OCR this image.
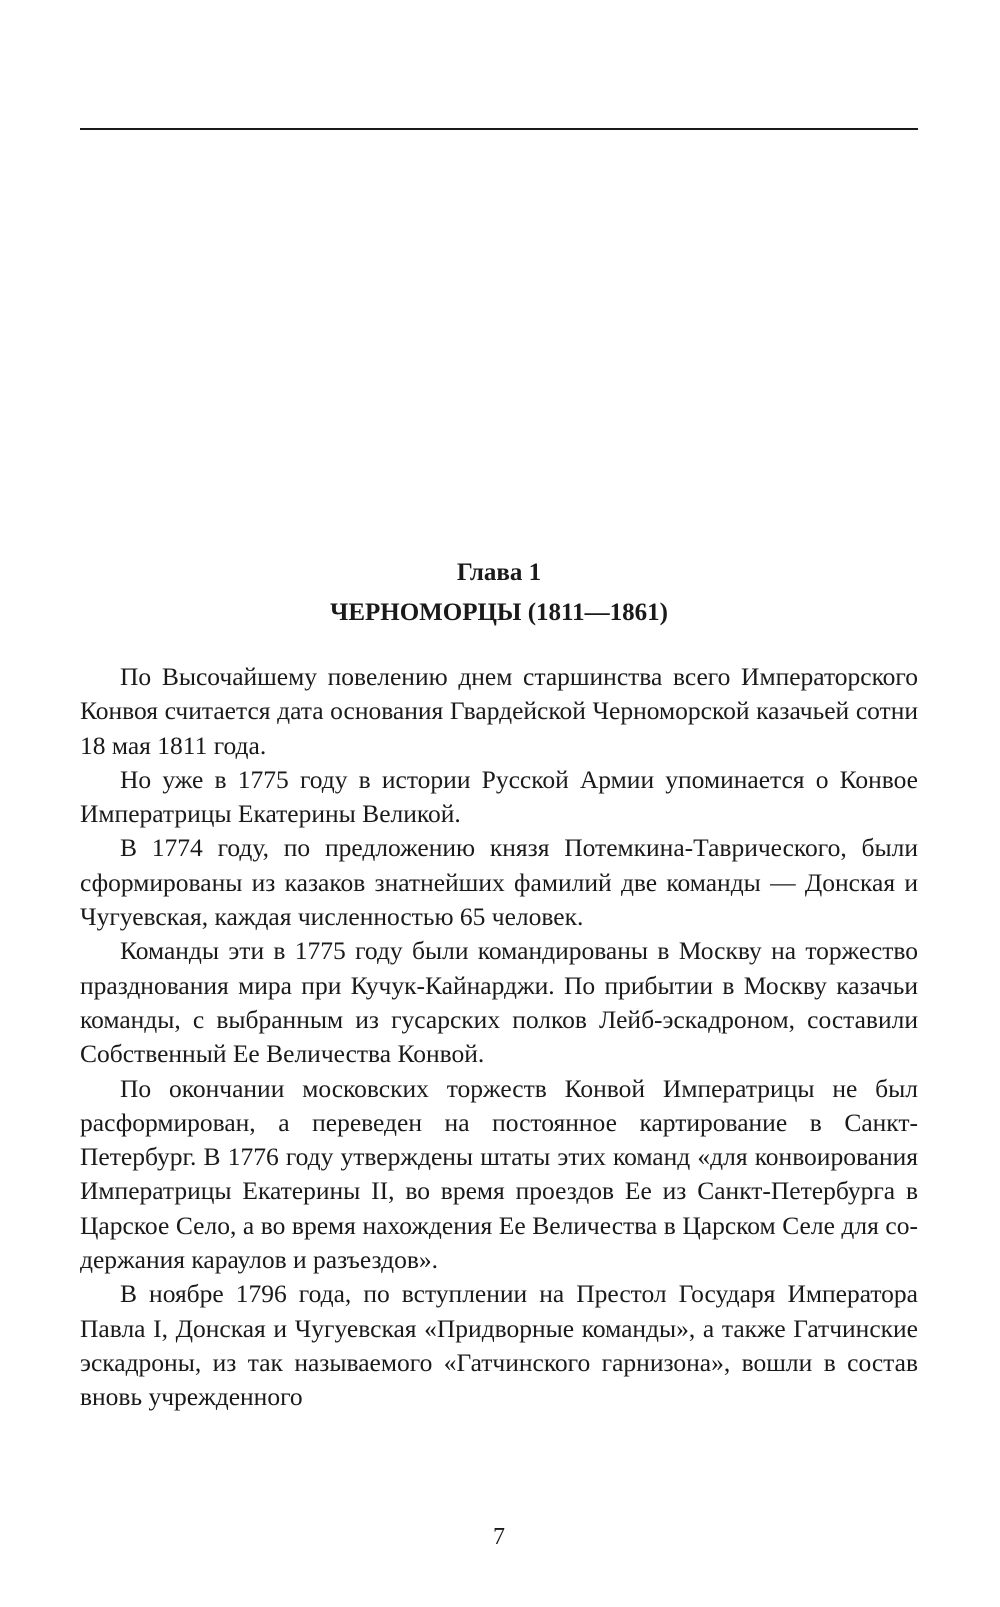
Глава 1
ЧЕРНОМОРЦЫ (1811—1861)

По Высочайшему повелению днем старшинства всего Императорского Конвоя считается дата основания Гвардейской Черноморской казачьей сотни 18 мая 1811 года.

Но уже в 1775 году в истории Русской Армии упоминается о Конвое Императрицы Екатерины Великой.

В 1774 году, по предложению князя Потемкина-Таврического, были сформированы из казаков знатнейших фамилий две команды — Донская и Чугуевская, каждая численностью 65 человек.

Команды эти в 1775 году были командированы в Москву на торжество празднования мира при Кучук-Кайнарджи. По прибытии в Москву казачьи команды, с выбранным из гусарских полков Лейб-эскадроном, составили Собственный Ее Величества Конвой.

По окончании московских торжеств Конвой Императрицы не был расформирован, а переведен на постоянное картирование в Санкт-Петербург. В 1776 году утверждены штаты этих команд «для конвоирования Императрицы Екатерины II, во время проездов Ее из Санкт-Петербурга в Царское Село, а во время нахождения Ее Величества в Царском Селе для содержания караулов и разъездов».

В ноябре 1796 года, по вступлении на Престол Государя Императора Павла I, Донская и Чугуевская «Придворные команды», а также Гатчинские эскадроны, из так называемого «Гатчинского гарнизона», вошли в состав вновь учрежденного

7
